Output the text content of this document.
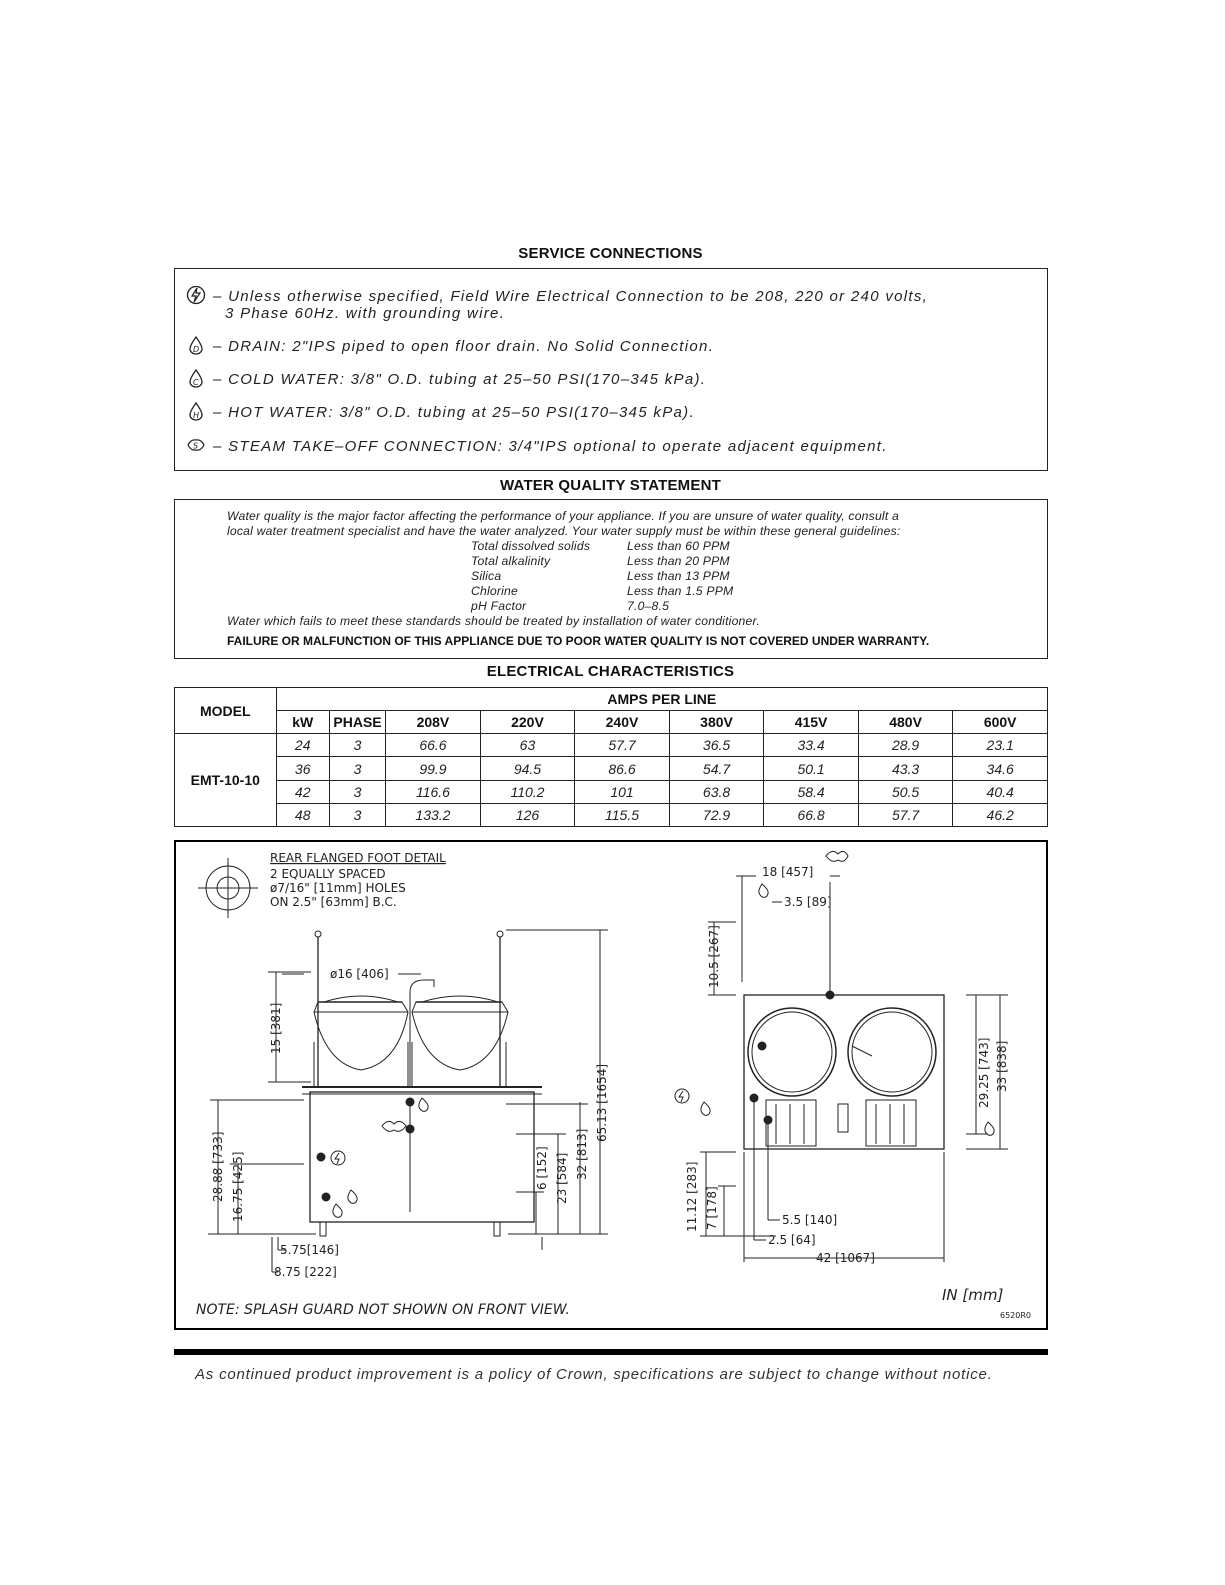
SERVICE CONNECTIONS
– Unless otherwise specified, Field Wire Electrical Connection to be 208, 220 or 240 volts,
3 Phase 60Hz. with grounding wire.
D – DRAIN: 2"IPS piped to open floor drain. No Solid Connection.
C – COLD WATER: 3/8" O.D. tubing at 25–50 PSI(170–345 kPa).
H – HOT WATER: 3/8" O.D. tubing at 25–50 PSI(170–345 kPa).
S – STEAM TAKE–OFF CONNECTION: 3/4"IPS optional to operate adjacent equipment.
WATER QUALITY STATEMENT
Water quality is the major factor affecting the performance of your appliance. If you are unsure of water quality, consult a
local water treatment specialist and have the water analyzed. Your water supply must be within these general guidelines:
Total dissolved solids	Less than 60 PPM
Total alkalinity	Less than 20 PPM
Silica	Less than 13 PPM
Chlorine	Less than 1.5 PPM
pH Factor	7.0–8.5
Water which fails to meet these standards should be treated by installation of water conditioner.
FAILURE OR MALFUNCTION OF THIS APPLIANCE DUE TO POOR WATER QUALITY IS NOT COVERED UNDER WARRANTY.
ELECTRICAL CHARACTERISTICS
MODEL	AMPS PER LINE								
	kW	PHASE	208V	220V	240V	380V	415V	480V	600V
EMT-10-10	24	3	66.6	63	57.7	36.5	33.4	28.9	23.1
	36	3	99.9	94.5	86.6	54.7	50.1	43.3	34.6
	42	3	116.6	110.2	101	63.8	58.4	50.5	40.4
	48	3	133.2	126	115.5	72.9	66.8	57.7	46.2
REAR FLANGED FOOT DETAIL
2 EQUALLY SPACED
ø7/16" [11mm] HOLES
ON 2.5" [63mm] B.C.
ø16 [406]
15 [381]
65.13 [1654]
28.88 [733] 16.75 [425]	6 [152] 23 [584] 32 [813]
5.75[146]
8.75 [222]
18 [457]
3.5 [89]
10.5 [267]
29.25 [743] 33 [838]
11.12 [283] 7 [178]	5.5 [140]
2.5 [64]
42 [1067]
NOTE: SPLASH GUARD NOT SHOWN ON FRONT VIEW.
IN [mm]
6520R0
As continued product improvement is a policy of Crown, specifications are subject to change without notice.
